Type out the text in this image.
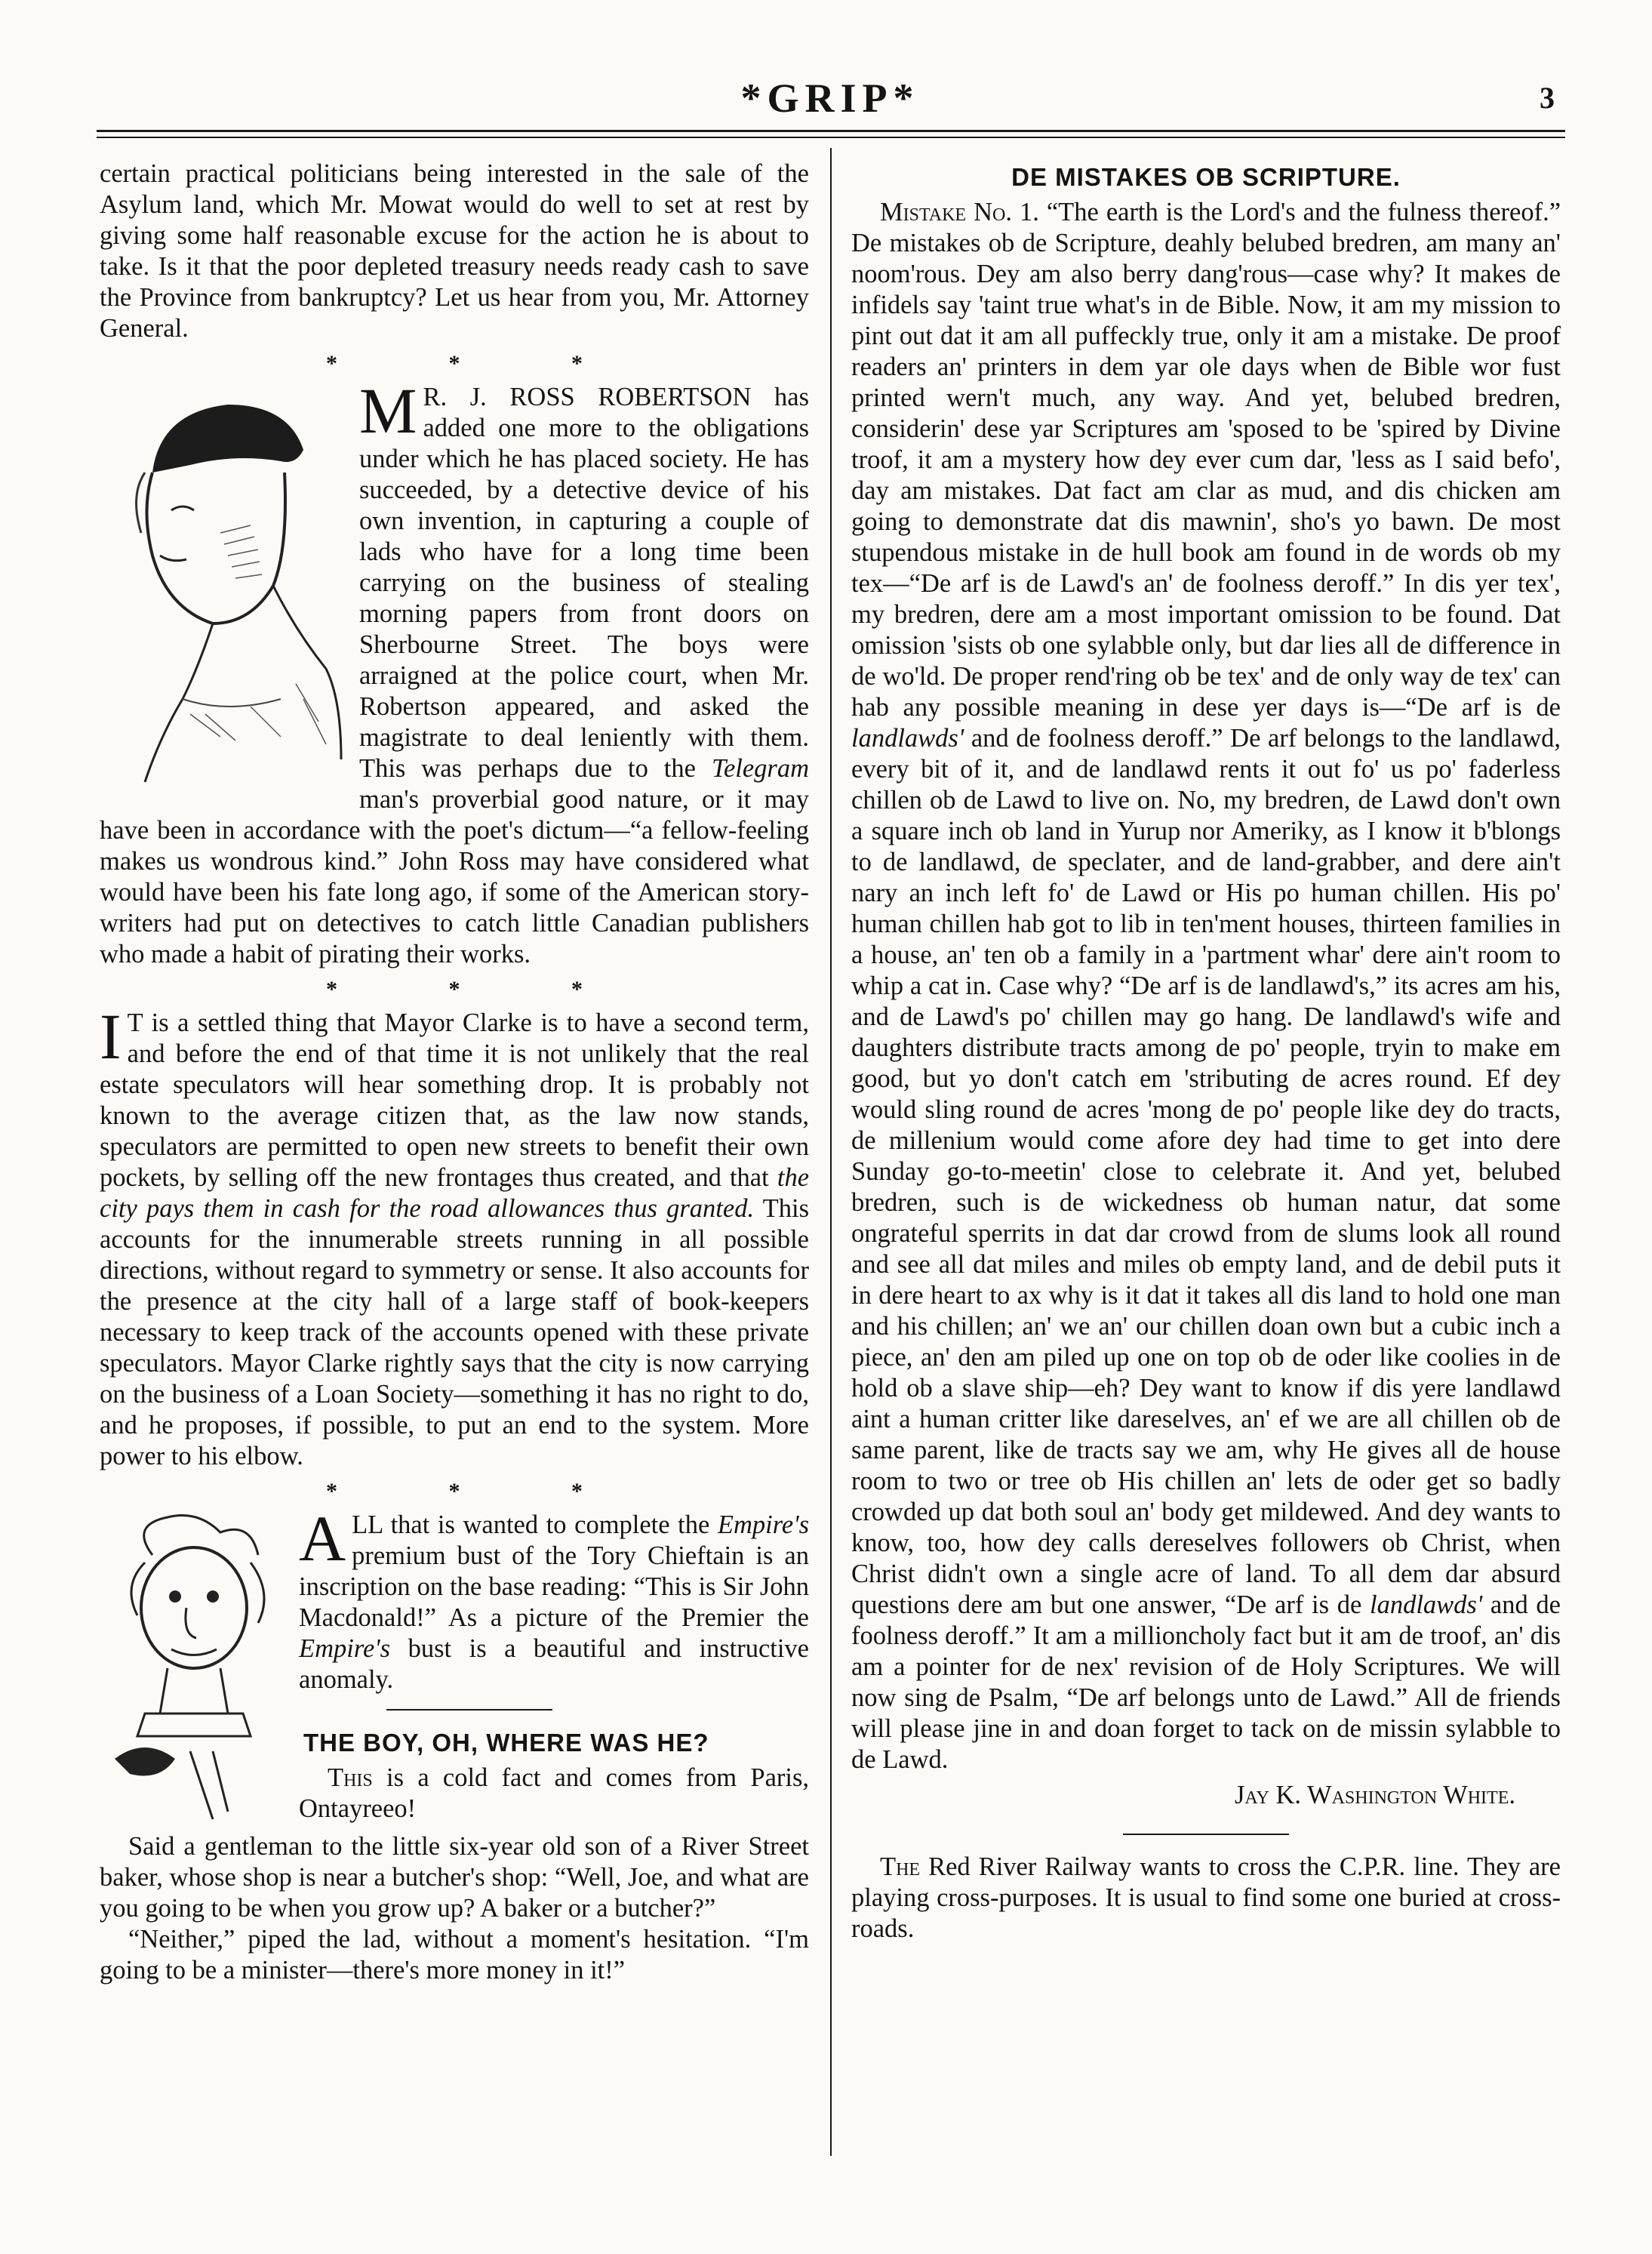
*GRIP*	3

certain practical politicians being interested in the sale of the Asylum land, which Mr. Mowat would do well to set at rest by giving some half reasonable excuse for the action he is about to take. Is it that the poor depleted treasury needs ready cash to save the Province from bankruptcy? Let us hear from you, Mr. Attorney General.

* * *

M R. J. ROSS ROBERTSON has added one more to the obligations under which he has placed society. He has succeeded, by a detective device of his own invention, in capturing a couple of lads who have for a long time been carrying on the business of stealing morning papers from front doors on Sherbourne Street. The boys were arraigned at the police court, when Mr. Robertson appeared, and asked the magistrate to deal leniently with them. This was perhaps due to the Telegram man's proverbial good nature, or it may have been in accordance with the poet's dictum—“a fellow-feeling makes us wondrous kind.” John Ross may have considered what would have been his fate long ago, if some of the American story-writers had put on detectives to catch little Canadian publishers who made a habit of pirating their works.

* * *

I T is a settled thing that Mayor Clarke is to have a second term, and before the end of that time it is not unlikely that the real estate speculators will hear something drop. It is probably not known to the average citizen that, as the law now stands, speculators are permitted to open new streets to benefit their own pockets, by selling off the new frontages thus created, and that the city pays them in cash for the road allowances thus granted. This accounts for the innumerable streets running in all possible directions, without regard to symmetry or sense. It also accounts for the presence at the city hall of a large staff of book-keepers necessary to keep track of the accounts opened with these private speculators. Mayor Clarke rightly says that the city is now carrying on the business of a Loan Society—something it has no right to do, and he proposes, if possible, to put an end to the system. More power to his elbow.

* * *

ALL that is wanted to complete the Empire's premium bust of the Tory Chieftain is an inscription on the base reading: “This is Sir John Macdonald!” As a picture of the Premier the Empire's bust is a beautiful and instructive anomaly.

THE BOY, OH, WHERE WAS HE?

This is a cold fact and comes from Paris, Ontayreeo!

Said a gentleman to the little six-year old son of a River Street baker, whose shop is near a butcher's shop: “Well, Joe, and what are you going to be when you grow up? A baker or a butcher?”

“Neither,” piped the lad, without a moment's hesitation. “I'm going to be a minister—there's more money in it!”

DE MISTAKES OB SCRIPTURE.

Mistake No. 1. “The earth is the Lord's and the fulness thereof.” De mistakes ob de Scripture, deahly belubed bredren, am many an' noom'rous. Dey am also berry dang'rous—case why? It makes de infidels say 'taint true what's in de Bible. Now, it am my mission to pint out dat it am all puffeckly true, only it am a mistake. De proof readers an' printers in dem yar ole days when de Bible wor fust printed wern't much, any way. And yet, belubed bredren, considerin' dese yar Scriptures am 'sposed to be 'spired by Divine troof, it am a mystery how dey ever cum dar, 'less as I said befo', day am mistakes. Dat fact am clar as mud, and dis chicken am going to demonstrate dat dis mawnin', sho's yo bawn. De most stupendous mistake in de hull book am found in de words ob my tex—“De arf is de Lawd's an' de foolness deroff.” In dis yer tex', my bredren, dere am a most important omission to be found. Dat omission 'sists ob one sylabble only, but dar lies all de difference in de wo'ld. De proper rend'ring ob be tex' and de only way de tex' can hab any possible meaning in dese yer days is—“De arf is de landlawds' and de foolness deroff.” De arf belongs to the landlawd, every bit of it, and de landlawd rents it out fo' us po' faderless chillen ob de Lawd to live on. No, my bredren, de Lawd don't own a square inch ob land in Yurup nor Ameriky, as I know it b'blongs to de landlawd, de speclater, and de land-grabber, and dere ain't nary an inch left fo' de Lawd or His po human chillen. His po' human chillen hab got to lib in ten'ment houses, thirteen families in a house, an' ten ob a family in a 'partment whar' dere ain't room to whip a cat in. Case why? “De arf is de landlawd's,” its acres am his, and de Lawd's po' chillen may go hang. De landlawd's wife and daughters distribute tracts among de po' people, tryin to make em good, but yo don't catch em 'stributing de acres round. Ef dey would sling round de acres 'mong de po' people like dey do tracts, de millenium would come afore dey had time to get into dere Sunday go-to-meetin' close to celebrate it. And yet, belubed bredren, such is de wickedness ob human natur, dat some ongrateful sperrits in dat dar crowd from de slums look all round and see all dat miles and miles ob empty land, and de debil puts it in dere heart to ax why is it dat it takes all dis land to hold one man and his chillen; an' we an' our chillen doan own but a cubic inch a piece, an' den am piled up one on top ob de oder like coolies in de hold ob a slave ship—eh? Dey want to know if dis yere landlawd aint a human critter like dareselves, an' ef we are all chillen ob de same parent, like de tracts say we am, why He gives all de house room to two or tree ob His chillen an' lets de oder get so badly crowded up dat both soul an' body get mildewed. And dey wants to know, too, how dey calls dereselves followers ob Christ, when Christ didn't own a single acre of land. To all dem dar absurd questions dere am but one answer, “De arf is de landlawds' and de foolness deroff.” It am a millioncholy fact but it am de troof, an' dis am a pointer for de nex' revision of de Holy Scriptures. We will now sing de Psalm, “De arf belongs unto de Lawd.” All de friends will please jine in and doan forget to tack on de missin sylabble to de Lawd.

Jay K. Washington White.

The Red River Railway wants to cross the C.P.R. line. They are playing cross-purposes. It is usual to find some one buried at cross-roads.
